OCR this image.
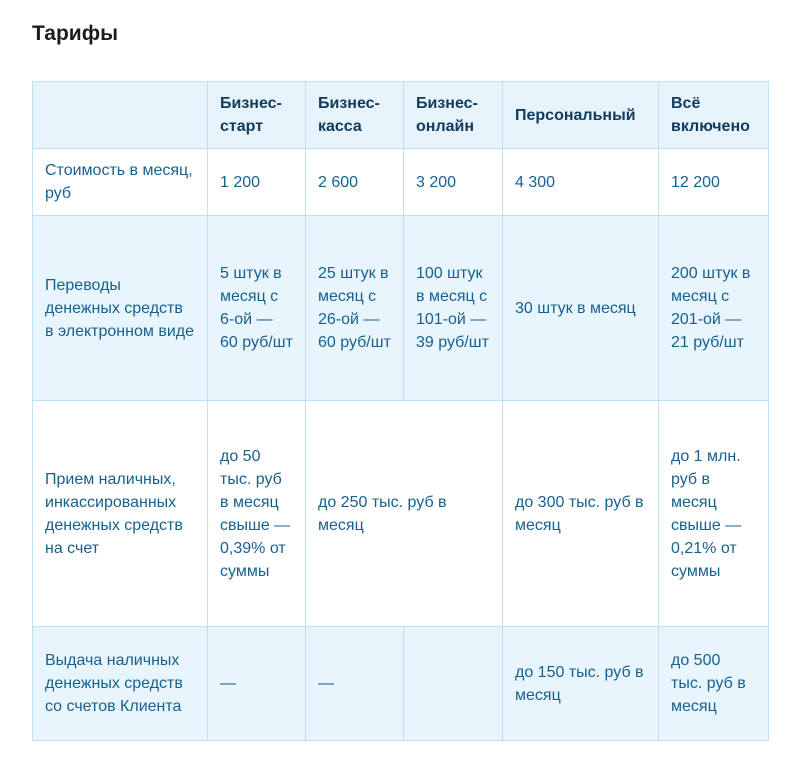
Тарифы
	Бизнес-старт	Бизнес-касса	Бизнес-онлайн	Персональный	Всё включено
Стоимость в месяц, руб	1 200	2 600	3 200	4 300	12 200
Переводы денежных средств в электронном виде	5 штук в месяц с 6-ой — 60 руб/шт	25 штук в месяц с 26-ой — 60 руб/шт	100 штук в месяц с 101-ой — 39 руб/шт	30 штук в месяц	200 штук в месяц с 201-ой — 21 руб/шт
Прием наличных, инкассированных денежных средств на счет	до 50 тыс. руб в месяц свыше — 0,39% от суммы	до 250 тыс. руб в месяц		до 300 тыс. руб в месяц	до 1 млн. руб в месяц свыше — 0,21% от суммы
Выдача наличных денежных средств со счетов Клиента	—	—		до 150 тыс. руб в месяц	до 500 тыс. руб в месяц
